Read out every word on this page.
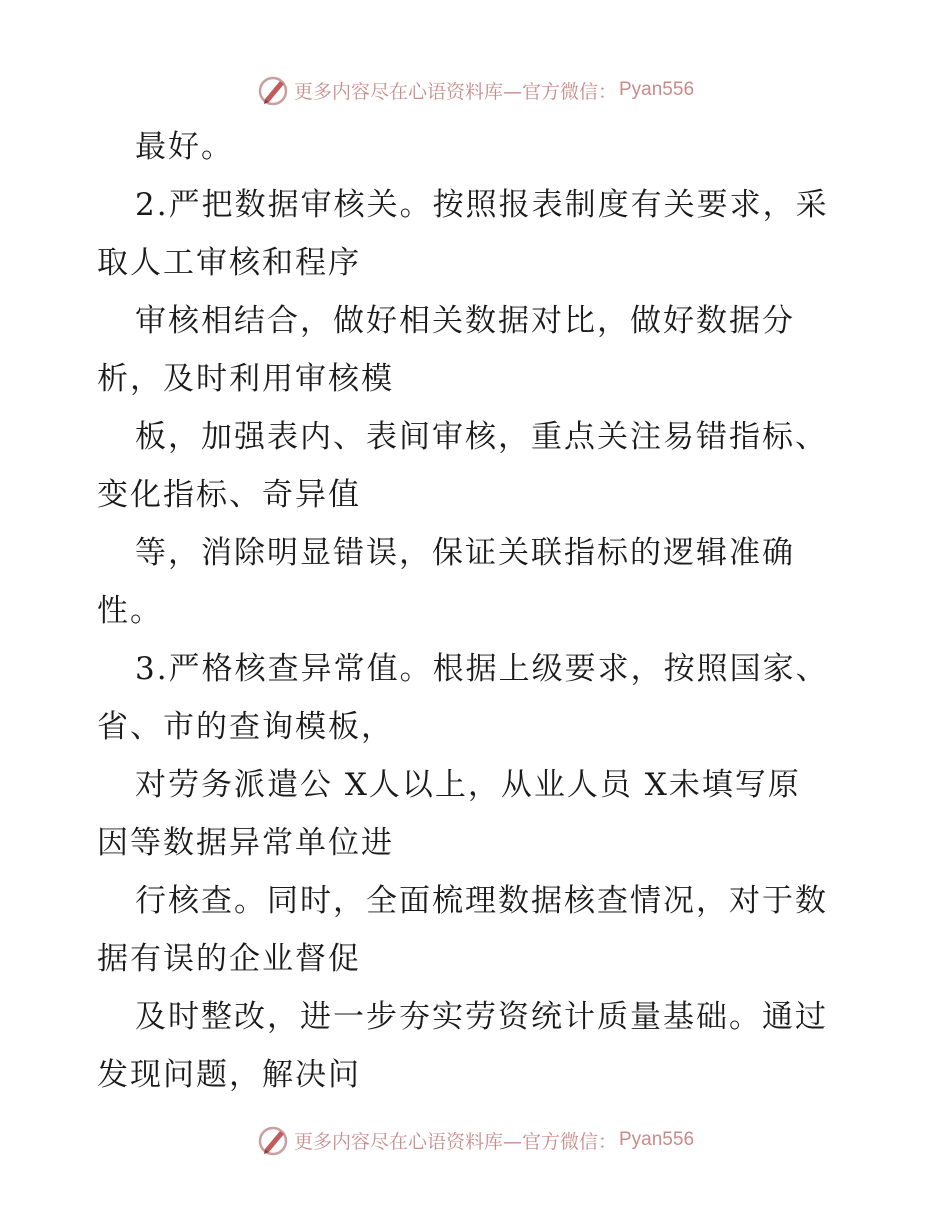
更多内容尽在心语资料库—官方微信： Pyan556
最好。
2.严把数据审核关。按照报表制度有关要求，采
取人工审核和程序
审核相结合，做好相关数据对比，做好数据分
析，及时利用审核模
板，加强表内、表间审核，重点关注易错指标、
变化指标、奇异值
等，消除明显错误，保证关联指标的逻辑准确
性。
3.严格核查异常值。根据上级要求，按照国家、
省、市的查询模板，
对劳务派遣公 X人以上，从业人员 X未填写原
因等数据异常单位进
行核查。同时，全面梳理数据核查情况，对于数
据有误的企业督促
及时整改，进一步夯实劳资统计质量基础。通过
发现问题，解决问
更多内容尽在心语资料库—官方微信： Pyan556
